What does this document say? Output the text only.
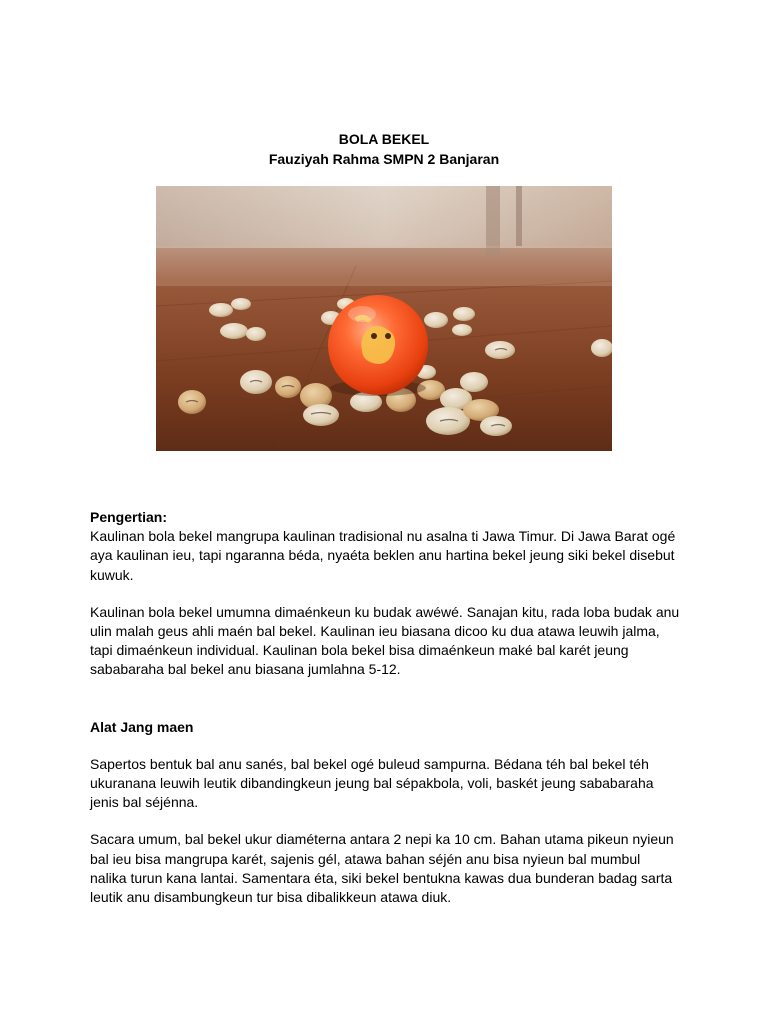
BOLA BEKEL
Fauziyah Rahma SMPN 2 Banjaran
Pengertian:

Kaulinan bola bekel mangrupa kaulinan tradisional nu asalna ti Jawa Timur. Di Jawa Barat ogé aya kaulinan ieu, tapi ngaranna béda, nyaéta beklen anu hartina bekel jeung siki bekel disebut kuwuk.

Kaulinan bola bekel umumna dimaénkeun ku budak awéwé. Sanajan kitu, rada loba budak anu ulin malah geus ahli maén bal bekel. Kaulinan ieu biasana dicoo ku dua atawa leuwih jalma, tapi dimaénkeun individual. Kaulinan bola bekel bisa dimaénkeun maké bal karét jeung sababaraha bal bekel anu biasana jumlahna 5-12.

Alat Jang maen

Sapertos bentuk bal anu sanés, bal bekel ogé buleud sampurna. Bédana téh bal bekel téh ukuranana leuwih leutik dibandingkeun jeung bal sépakbola, voli, baskét jeung sababaraha jenis bal séjénna.

Sacara umum, bal bekel ukur diaméterna antara 2 nepi ka 10 cm. Bahan utama pikeun nyieun bal ieu bisa mangrupa karét, sajenis gél, atawa bahan séjén anu bisa nyieun bal mumbul nalika turun kana lantai. Samentara éta, siki bekel bentukna kawas dua bunderan badag sarta leutik anu disambungkeun tur bisa dibalikkeun atawa diuk.
